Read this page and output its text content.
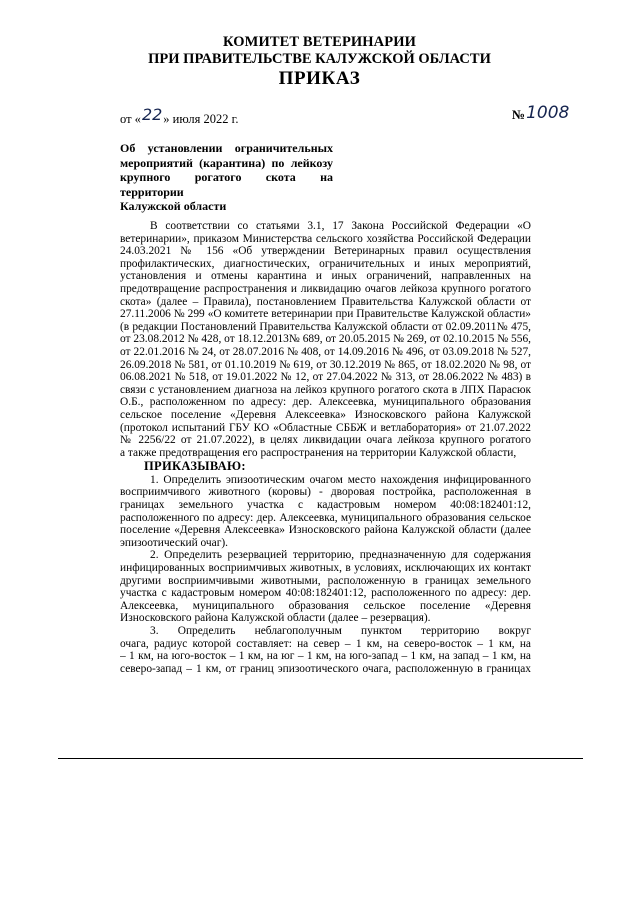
КОМИТЕТ ВЕТЕРИНАРИИ
ПРИ ПРАВИТЕЛЬСТВЕ КАЛУЖСКОЙ ОБЛАСТИ
ПРИКАЗ
от «22» июля 2022 г.	№1008
Об установлении ограничительных
мероприятий (карантина) по лейкозу
крупного рогатого скота на территории
Калужской области
В соответствии со статьями 3.1, 17 Закона Российской Федерации «О
ветеринарии», приказом Министерства сельского хозяйства Российской Федерации
24.03.2021 № 156 «Об утверждении Ветеринарных правил осуществления
профилактических, диагностических, ограничительных и иных мероприятий,
установления и отмены карантина и иных ограничений, направленных на
предотвращение распространения и ликвидацию очагов лейкоза крупного рогатого
скота» (далее – Правила), постановлением Правительства Калужской области от
27.11.2006 № 299 «О комитете ветеринарии при Правительстве Калужской области»
(в редакции Постановлений Правительства Калужской области от 02.09.2011№ 475,
от 23.08.2012 № 428, от 18.12.2013№ 689, от 20.05.2015 № 269, от 02.10.2015 № 556,
от 22.01.2016 № 24, от 28.07.2016 № 408, от 14.09.2016 № 496, от 03.09.2018 № 527,
26.09.2018 № 581, от 01.10.2019 № 619, от 30.12.2019 № 865, от 18.02.2020 № 98, от
06.08.2021 № 518, от 19.01.2022 № 12, от 27.04.2022 № 313, от 28.06.2022 № 483) в
связи с установлением диагноза на лейкоз крупного рогатого скота в ЛПХ Парасюк
О.Б., расположенном по адресу: дер. Алексеевка, муниципального образования
сельское поселение «Деревня Алексеевка» Износковского района Калужской
(протокол испытаний ГБУ КО «Областные СББЖ и ветлаборатория» от 21.07.2022
№ 2256/22 от 21.07.2022), в целях ликвидации очага лейкоза крупного рогатого
а также предотвращения его распространения на территории Калужской области,
ПРИКАЗЫВАЮ:
1. Определить эпизоотическим очагом место нахождения инфицированного
восприимчивого животного (коровы) - дворовая постройка, расположенная в
границах земельного участка с кадастровым номером 40:08:182401:12,
расположенного по адресу: дер. Алексеевка, муниципального образования сельское
поселение «Деревня Алексеевка» Износковского района Калужской области (далее
эпизоотический очаг).
2. Определить резервацией территорию, предназначенную для содержания
инфицированных восприимчивых животных, в условиях, исключающих их контакт
другими восприимчивыми животными, расположенную в границах земельного
участка с кадастровым номером 40:08:182401:12, расположенного по адресу: дер.
Алексеевка, муниципального образования сельское поселение «Деревня
Износковского района Калужской области (далее – резервация).
3. Определить неблагополучным пунктом территорию вокруг
очага, радиус которой составляет: на север – 1 км, на северо-восток – 1 км, на
– 1 км, на юго-восток – 1 км, на юг – 1 км, на юго-запад – 1 км, на запад – 1 км, на
северо-запад – 1 км, от границ эпизоотического очага, расположенную в границах
